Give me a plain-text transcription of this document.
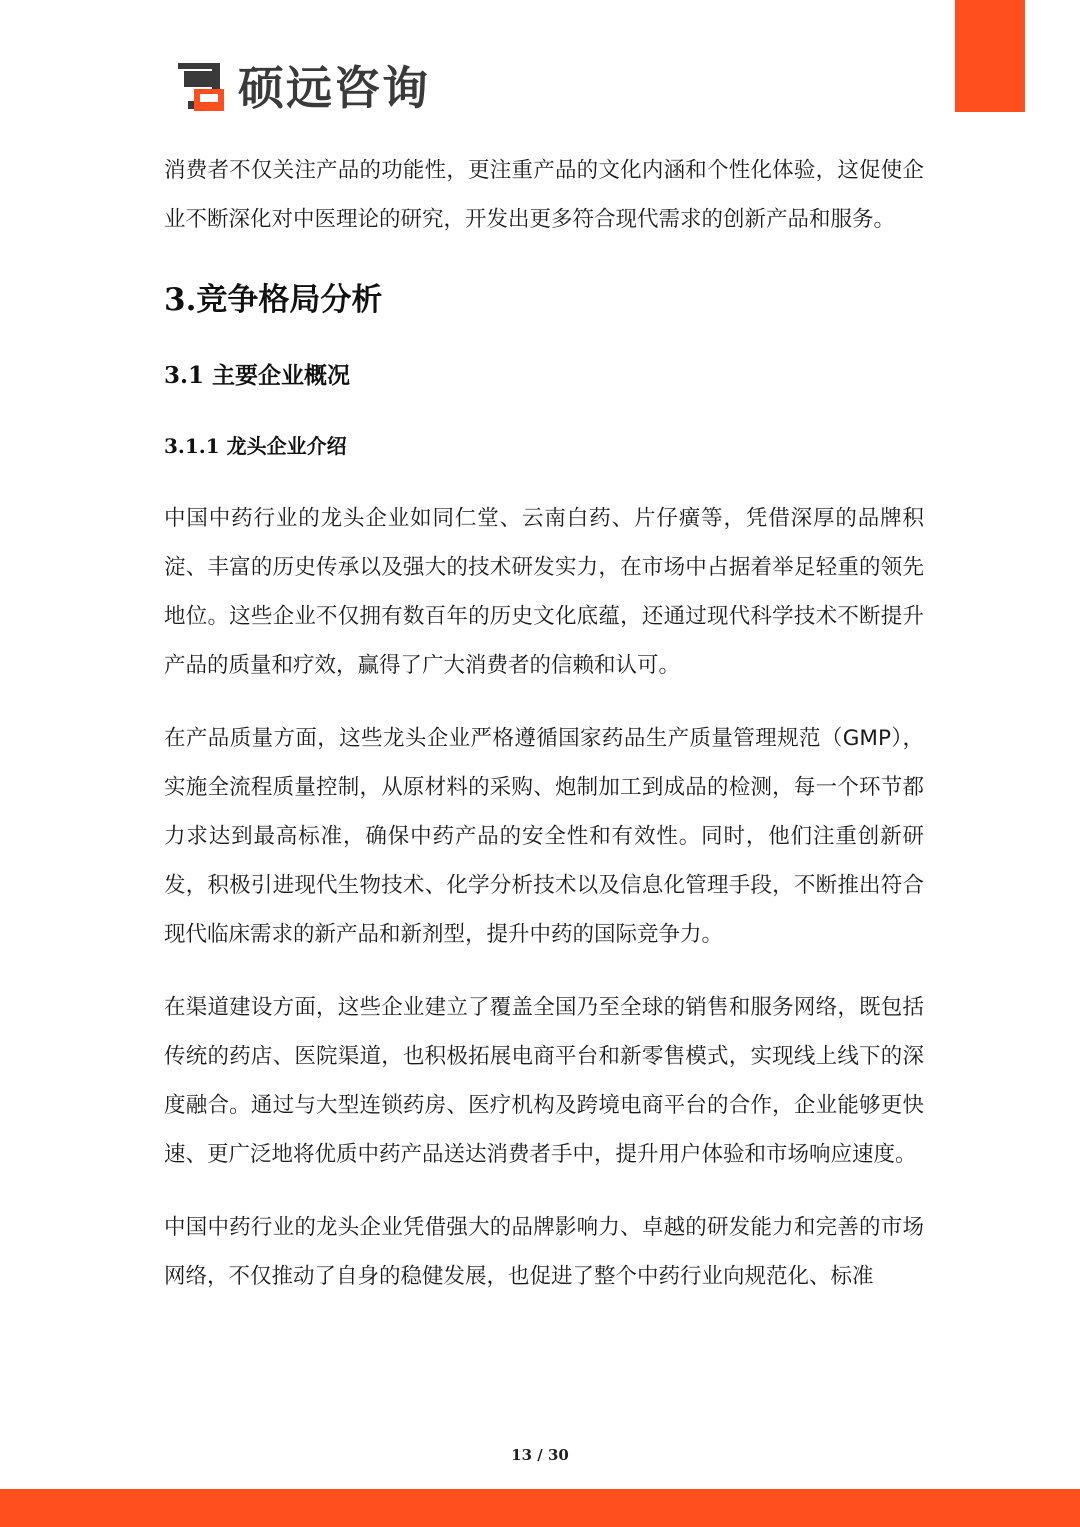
硕远咨询

消费者不仅关注产品的功能性，更注重产品的文化内涵和个性化体验，这促使企业不断深化对中医理论的研究，开发出更多符合现代需求的创新产品和服务。

3.竞争格局分析
3.1 主要企业概况
3.1.1 龙头企业介绍

中国中药行业的龙头企业如同仁堂、云南白药、片仔癀等，凭借深厚的品牌积淀、丰富的历史传承以及强大的技术研发实力，在市场中占据着举足轻重的领先地位。这些企业不仅拥有数百年的历史文化底蕴，还通过现代科学技术不断提升产品的质量和疗效，赢得了广大消费者的信赖和认可。

在产品质量方面，这些龙头企业严格遵循国家药品生产质量管理规范（GMP），实施全流程质量控制，从原材料的采购、炮制加工到成品的检测，每一个环节都力求达到最高标准，确保中药产品的安全性和有效性。同时，他们注重创新研发，积极引进现代生物技术、化学分析技术以及信息化管理手段，不断推出符合现代临床需求的新产品和新剂型，提升中药的国际竞争力。

在渠道建设方面，这些企业建立了覆盖全国乃至全球的销售和服务网络，既包括传统的药店、医院渠道，也积极拓展电商平台和新零售模式，实现线上线下的深度融合。通过与大型连锁药房、医疗机构及跨境电商平台的合作，企业能够更快速、更广泛地将优质中药产品送达消费者手中，提升用户体验和市场响应速度。

中国中药行业的龙头企业凭借强大的品牌影响力、卓越的研发能力和完善的市场网络，不仅推动了自身的稳健发展，也促进了整个中药行业向规范化、标准

13 / 30
